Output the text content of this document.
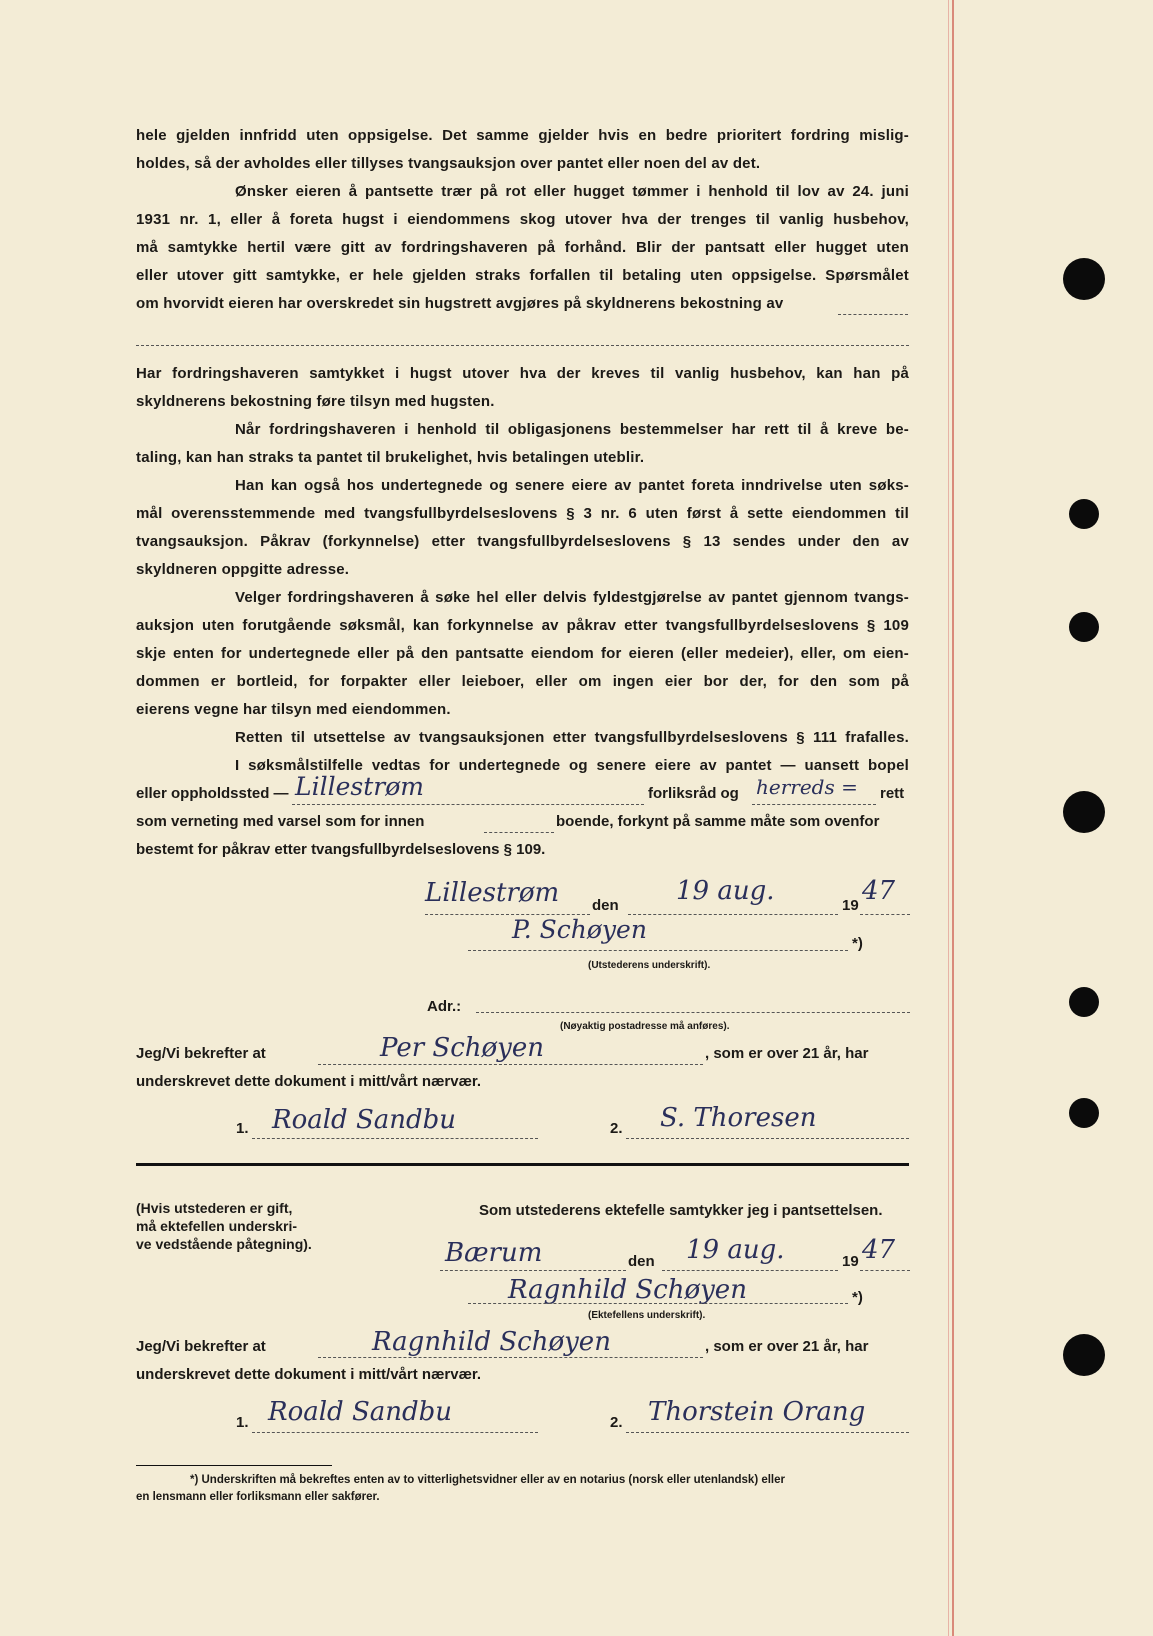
hele gjelden innfridd uten oppsigelse. Det samme gjelder hvis en bedre prioritert fordring mislig-
holdes, så der avholdes eller tillyses tvangsauksjon over pantet eller noen del av det.
Ønsker eieren å pantsette trær på rot eller hugget tømmer i henhold til lov av 24. juni
1931 nr. 1, eller å foreta hugst i eiendommens skog utover hva der trenges til vanlig husbehov,
må samtykke hertil være gitt av fordringshaveren på forhånd. Blir der pantsatt eller hugget uten
eller utover gitt samtykke, er hele gjelden straks forfallen til betaling uten oppsigelse. Spørsmålet
om hvorvidt eieren har overskredet sin hugstrett avgjøres på skyldnerens bekostning av
Har fordringshaveren samtykket i hugst utover hva der kreves til vanlig husbehov, kan han på
skyldnerens bekostning føre tilsyn med hugsten.
Når fordringshaveren i henhold til obligasjonens bestemmelser har rett til å kreve be-
taling, kan han straks ta pantet til brukelighet, hvis betalingen uteblir.
Han kan også hos undertegnede og senere eiere av pantet foreta inndrivelse uten søks-
mål overensstemmende med tvangsfullbyrdelseslovens § 3 nr. 6 uten først å sette eiendommen til
tvangsauksjon. Påkrav (forkynnelse) etter tvangsfullbyrdelseslovens § 13 sendes under den av
skyldneren oppgitte adresse.
Velger fordringshaveren å søke hel eller delvis fyldestgjørelse av pantet gjennom tvangs-
auksjon uten forutgående søksmål, kan forkynnelse av påkrav etter tvangsfullbyrdelseslovens § 109
skje enten for undertegnede eller på den pantsatte eiendom for eieren (eller medeier), eller, om eien-
dommen er bortleid, for forpakter eller leieboer, eller om ingen eier bor der, for den som på
eierens vegne har tilsyn med eiendommen.
Retten til utsettelse av tvangsauksjonen etter tvangsfullbyrdelseslovens § 111 frafalles.
I søksmålstilfelle vedtas for undertegnede og senere eiere av pantet — uansett bopel
eller oppholdssted — Lillestrøm	forliksråd og herreds = rett
som verneting med varsel som for innen	boende, forkynt på samme måte som ovenfor
bestemt for påkrav etter tvangsfullbyrdelseslovens § 109.
Lillestrøm den 19 aug.	19 47
P. Schøyen	*)
(Utstederens underskrift).
Adr.:
(Nøyaktig postadresse må anføres).
Jeg/Vi bekrefter at	Per Schøyen	, som er over 21 år, har
underskrevet dette dokument i mitt/vårt nærvær.
1. Roald Sandbu	2. S. Thoresen
(Hvis utstederen er gift,
må ektefellen underskri-
ve vedstående påtegning).
Som utstederens ektefelle samtykker jeg i pantsettelsen.
Bærum	den 19 aug.	19 47
Ragnhild Schøyen	*)
(Ektefellens underskrift).
Jeg/Vi bekrefter at	Ragnhild Schøyen	, som er over 21 år, har
underskrevet dette dokument i mitt/vårt nærvær.
1. Roald Sandbu	2. Thorstein Orang
*) Underskriften må bekreftes enten av to vitterlighetsvidner eller av en notarius (norsk eller utenlandsk) eller
en lensmann eller forliksmann eller sakfører.
